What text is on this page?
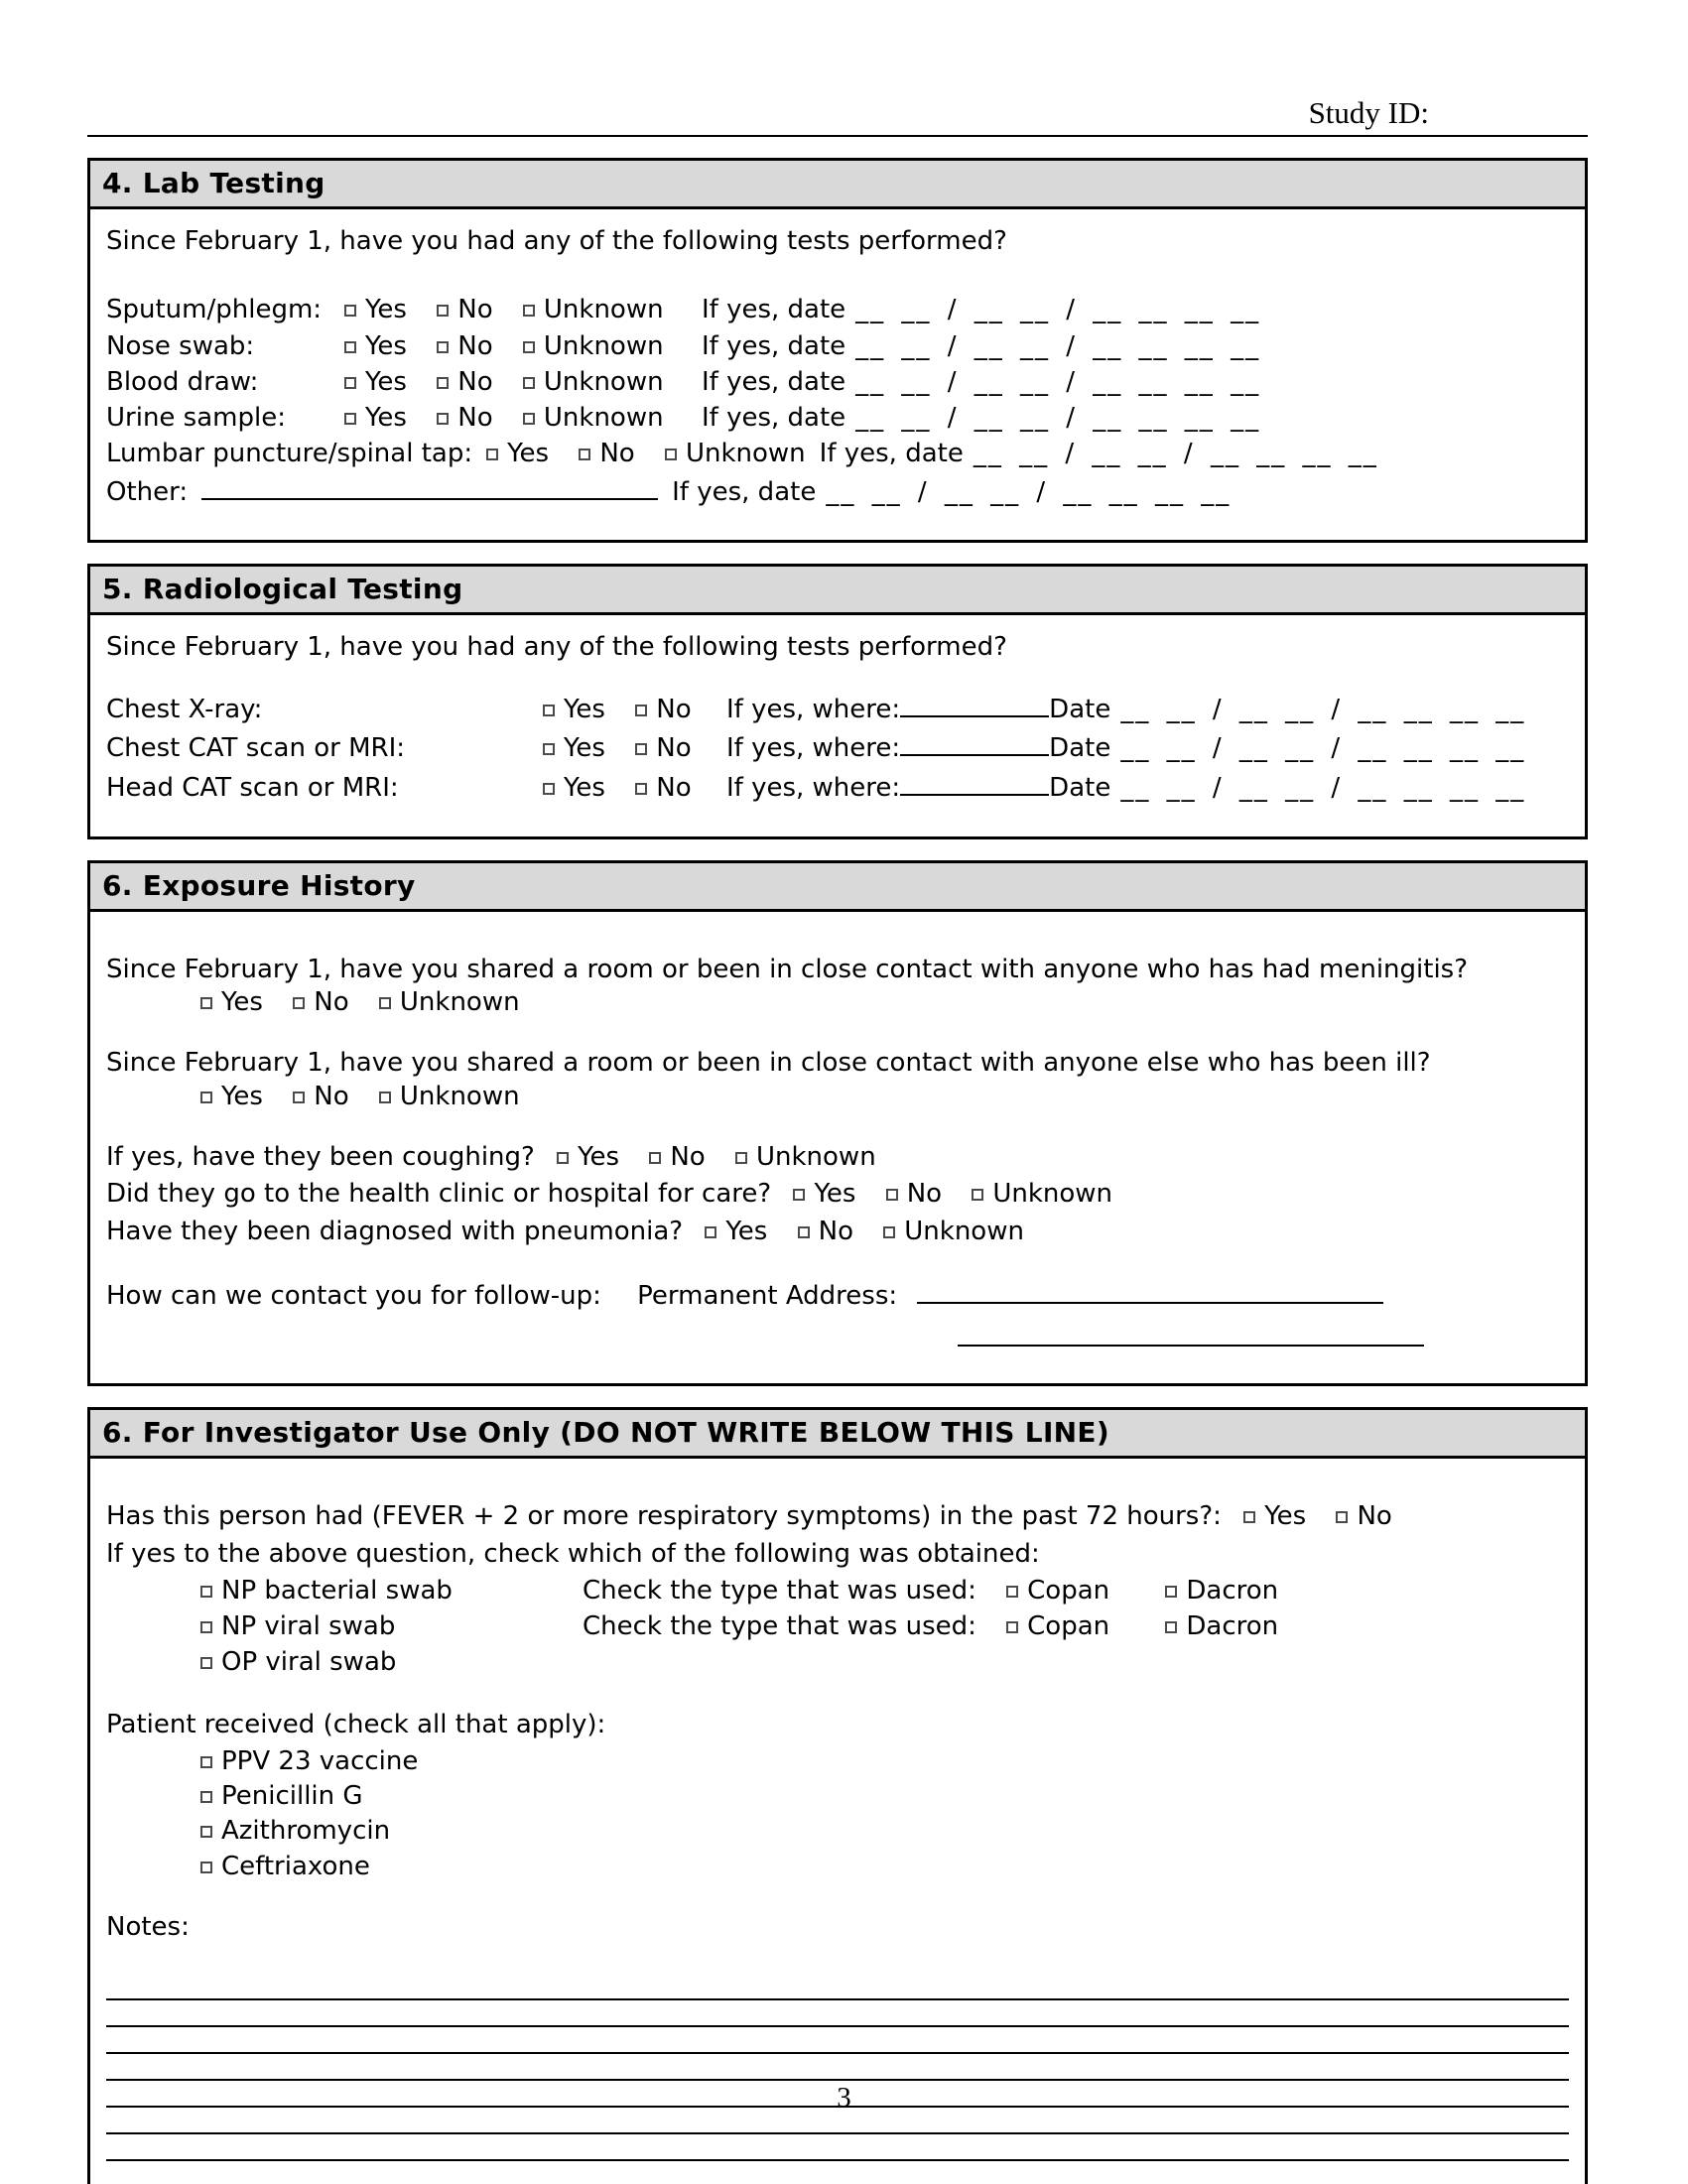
Study ID:
4. Lab Testing

Since February 1, have you had any of the following tests performed?

Sputum/phlegm:	Yes No Unknown	If yes, date __ __ / __ __ / __ __ __ __
Nose swab:	Yes No Unknown	If yes, date __ __ / __ __ / __ __ __ __
Blood draw:	Yes No Unknown	If yes, date __ __ / __ __ / __ __ __ __
Urine sample:	Yes No Unknown	If yes, date __ __ / __ __ / __ __ __ __
Lumbar puncture/spinal tap:	Yes No Unknown If yes, date __ __ / __ __ / __ __ __ __
Other:	If yes, date __ __ / __ __ / __ __ __ __
5. Radiological Testing

Since February 1, have you had any of the following tests performed?

Chest X-ray:	Yes No	If yes, where:	Date __ __ / __ __ / __ __ __ __
Chest CAT scan or MRI:	Yes No	If yes, where:	Date __ __ / __ __ / __ __ __ __
Head CAT scan or MRI:	Yes No	If yes, where:	Date __ __ / __ __ / __ __ __ __
6. Exposure History

Since February 1, have you shared a room or been in close contact with anyone who has had meningitis?

Yes No Unknown

Since February 1, have you shared a room or been in close contact with anyone else who has been ill?

Yes No Unknown
If yes, have they been coughing? Yes No Unknown
Did they go to the health clinic or hospital for care? Yes No Unknown
Have they been diagnosed with pneumonia? Yes No Unknown
How can we contact you for follow-up: Permanent Address:
6. For Investigator Use Only (DO NOT WRITE BELOW THIS LINE)
Has this person had (FEVER + 2 or more respiratory symptoms) in the past 72 hours?: Yes No
If yes to the above question, check which of the following was obtained:
NP bacterial swab	Check the type that was used: Copan	Dacron
NP viral swab	Check the type that was used: Copan	Dacron
OP viral swab
Patient received (check all that apply):
PPV 23 vaccine
Penicillin G
Azithromycin
Ceftriaxone
Notes:
3
